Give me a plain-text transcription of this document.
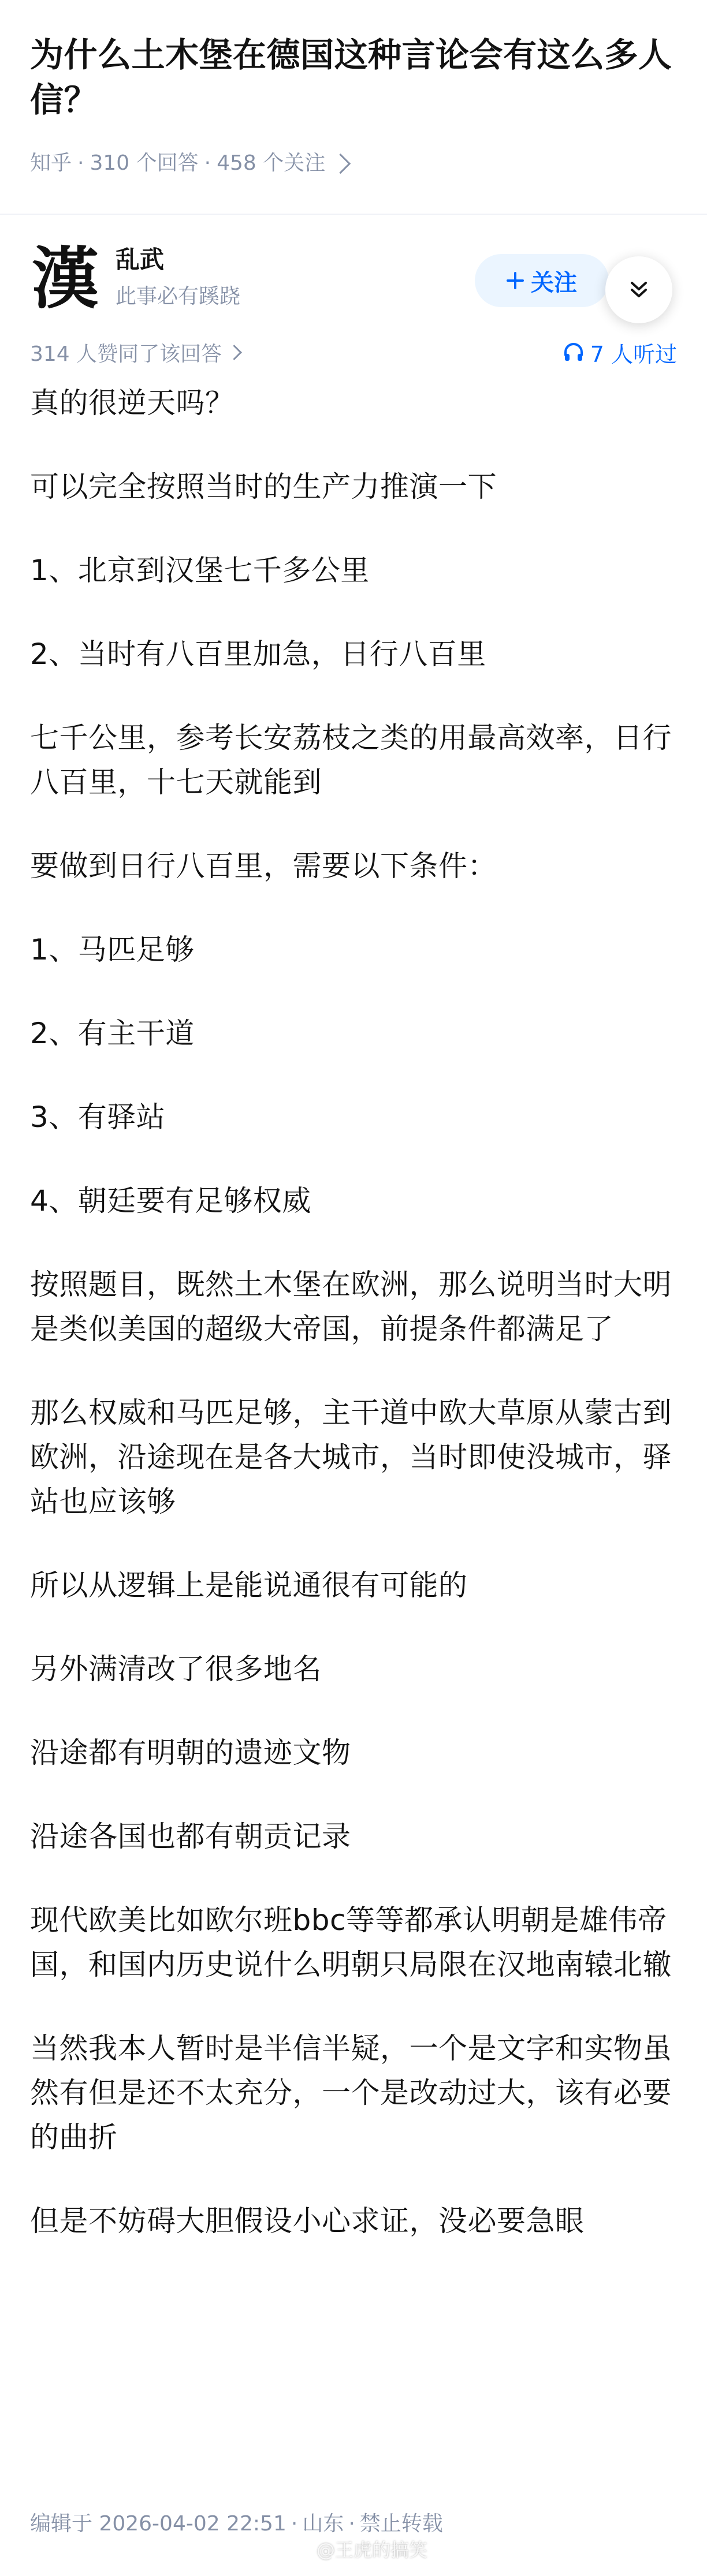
为什么土木堡在德国这种言论会有这么多人信？
知乎 · 310 个回答 · 458 个关注
漢 乱武
此事必有蹊跷
关注
314 人赞同了该回答	7 人听过

真的很逆天吗？

可以完全按照当时的生产力推演一下

1、北京到汉堡七千多公里

2、当时有八百里加急，日行八百里

七千公里，参考长安荔枝之类的用最高效率，日行八百里，十七天就能到

要做到日行八百里，需要以下条件：

1、马匹足够

2、有主干道

3、有驿站

4、朝廷要有足够权威

按照题目，既然土木堡在欧洲，那么说明当时大明是类似美国的超级大帝国，前提条件都满足了

那么权威和马匹足够，主干道中欧大草原从蒙古到欧洲，沿途现在是各大城市，当时即使没城市，驿站也应该够

所以从逻辑上是能说通很有可能的

另外满清改了很多地名

沿途都有明朝的遗迹文物

沿途各国也都有朝贡记录

现代欧美比如欧尔班bbc等等都承认明朝是雄伟帝国，和国内历史说什么明朝只局限在汉地南辕北辙

当然我本人暂时是半信半疑，一个是文字和实物虽然有但是还不太充分，一个是改动过大，该有必要的曲折

但是不妨碍大胆假设小心求证，没必要急眼

编辑于 2026-04-02 22:51 · 山东 · 禁止转载
@王虎的搞笑
